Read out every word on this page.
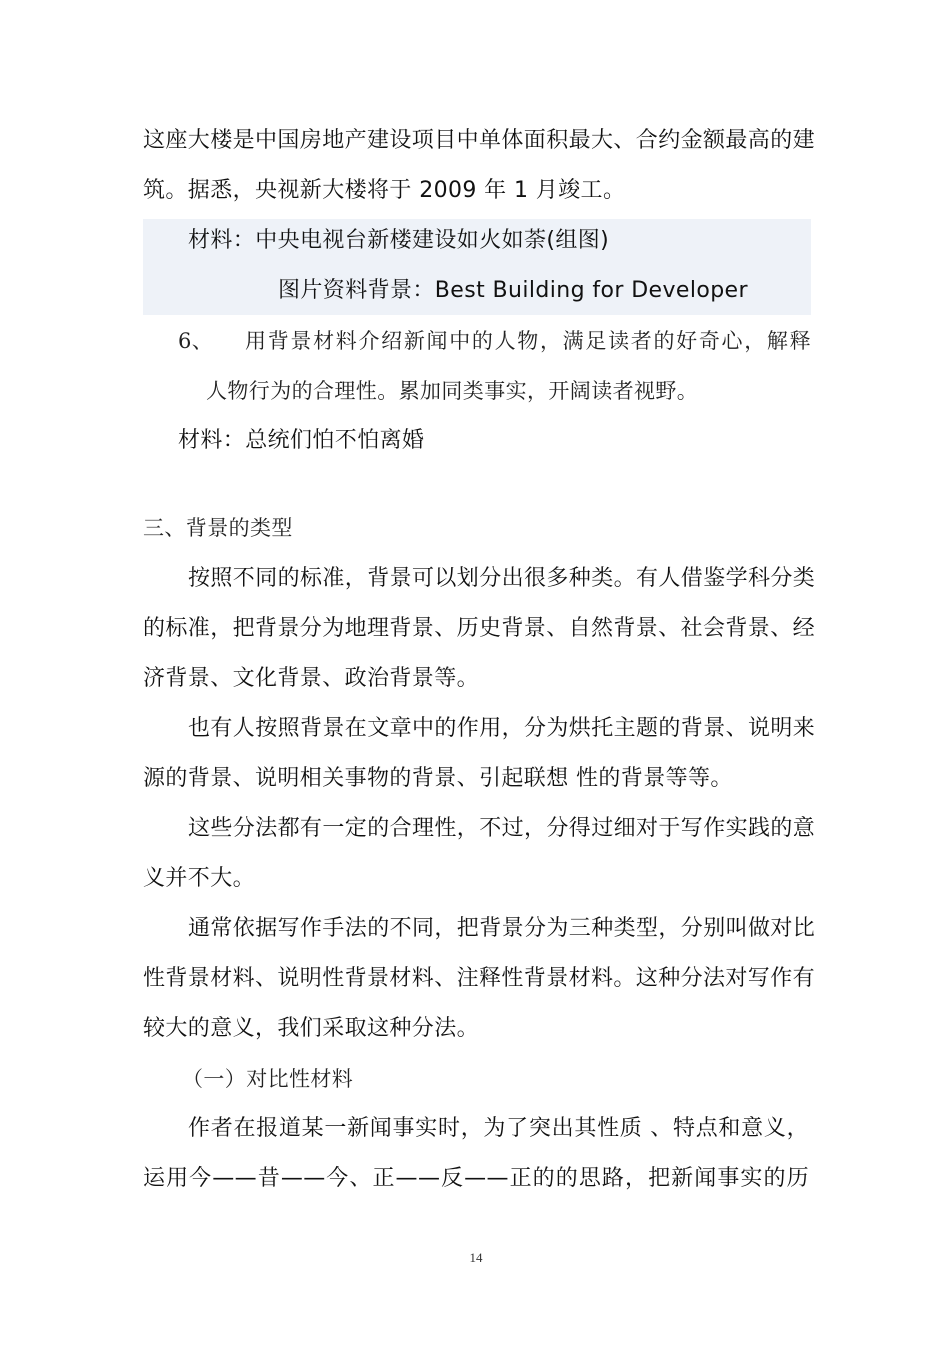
这座大楼是中国房地产建设项目中单体面积最大、合约金额最高的建
筑。据悉，央视新大楼将于 2009 年 1 月竣工。
材料：中央电视台新楼建设如火如荼(组图)
图片资料背景：Best Building for Developer
6、 用背景材料介绍新闻中的人物，满足读者的好奇心，解释
人物行为的合理性。累加同类事实，开阔读者视野。
材料：总统们怕不怕离婚
三、背景的类型
按照不同的标准，背景可以划分出很多种类。有人借鉴学科分类
的标准，把背景分为地理背景、历史背景、自然背景、社会背景、经
济背景、文化背景、政治背景等。
也有人按照背景在文章中的作用，分为烘托主题的背景、说明来
源的背景、说明相关事物的背景、引起联想 性的背景等等。
这些分法都有一定的合理性，不过，分得过细对于写作实践的意
义并不大。
通常依据写作手法的不同，把背景分为三种类型，分别叫做对比
性背景材料、说明性背景材料、注释性背景材料。这种分法对写作有
较大的意义，我们采取这种分法。
（一）对比性材料
作者在报道某一新闻事实时，为了突出其性质 、特点和意义，
运用今——昔——今、正——反——正的的思路，把新闻事实的历
14
